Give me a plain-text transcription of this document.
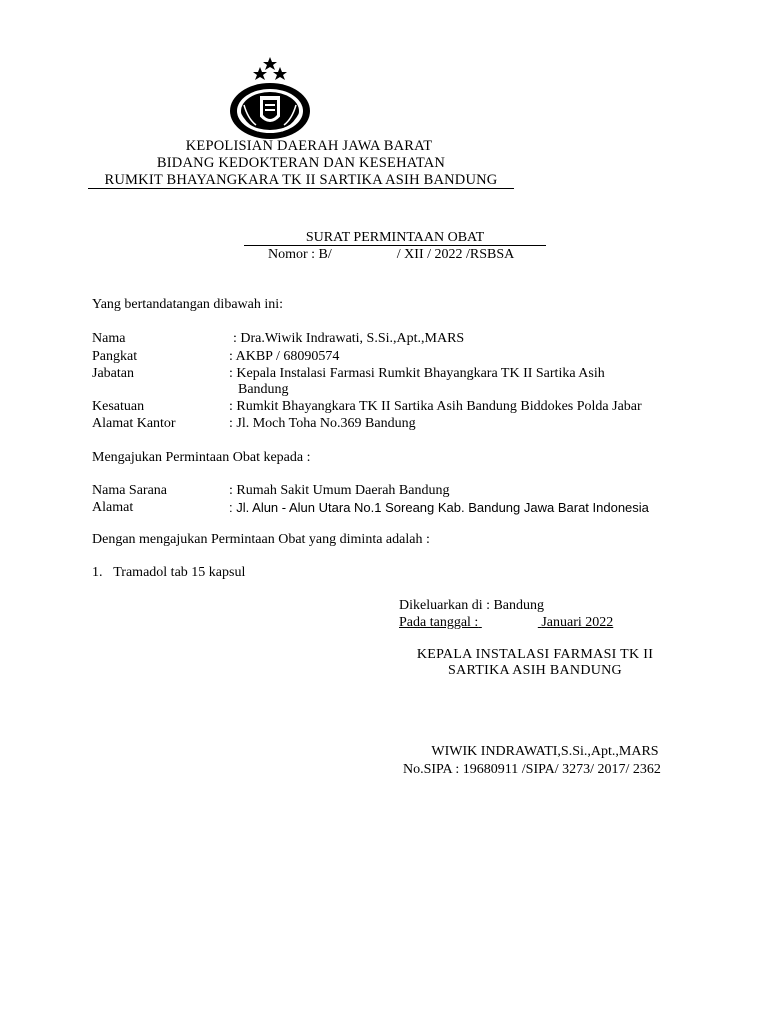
KEPOLISIAN DAERAH JAWA BARAT
BIDANG KEDOKTERAN DAN KESEHATAN
RUMKIT BHAYANGKARA TK II SARTIKA ASIH BANDUNG
SURAT PERMINTAAN OBAT
Nomor : B/	/ XII / 2022 /RSBSA
Yang bertandatangan dibawah ini:
Nama	: Dra.Wiwik Indrawati, S.Si.,Apt.,MARS
Pangkat	: AKBP / 68090574
Jabatan	: Kepala Instalasi Farmasi Rumkit Bhayangkara TK II Sartika Asih
Bandung
Kesatuan	: Rumkit Bhayangkara TK II Sartika Asih Bandung Biddokes Polda Jabar
Alamat Kantor	: Jl. Moch Toha No.369 Bandung
Mengajukan Permintaan Obat kepada :
Nama Sarana	: Rumah Sakit Umum Daerah Bandung
Alamat	: Jl. Alun - Alun Utara No.1 Soreang Kab. Bandung Jawa Barat Indonesia
Dengan mengajukan Permintaan Obat yang diminta adalah :
1. Tramadol tab 15 kapsul
Dikeluarkan di : Bandung
Pada tanggal :	Januari 2022
KEPALA INSTALASI FARMASI TK II
SARTIKA ASIH BANDUNG
WIWIK INDRAWATI,S.Si.,Apt.,MARS
No.SIPA : 19680911 /SIPA/ 3273/ 2017/ 2362
